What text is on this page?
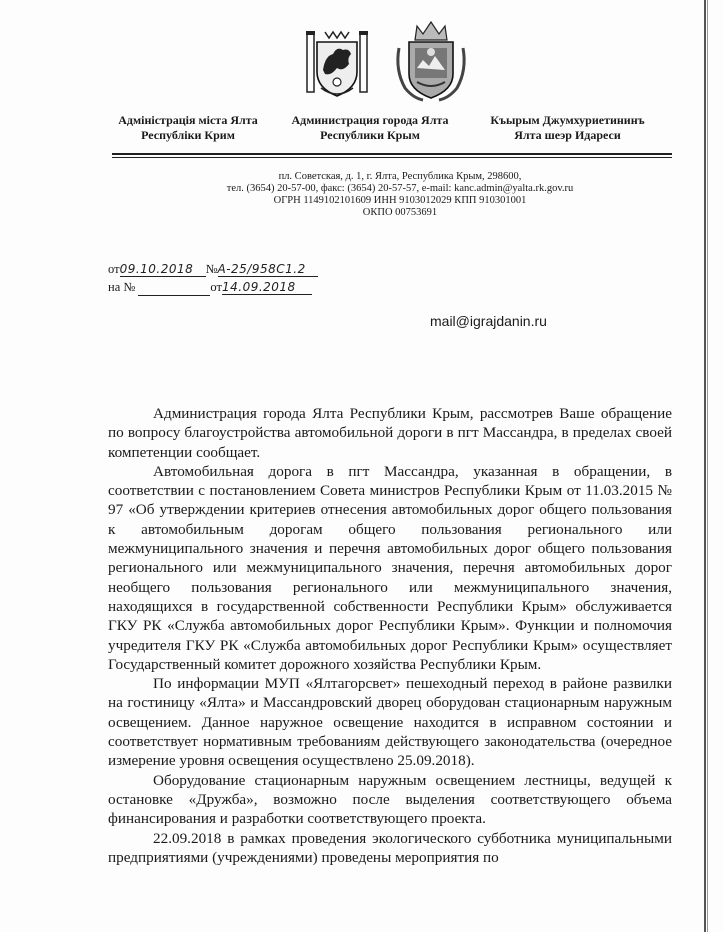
Адміністрація міста Ялта
Республіки Крим
Администрация города Ялта
Республики Крым
Къырым Джумхуриетининъ
Ялта шеэр Идареси
пл. Советская, д. 1, г. Ялта, Республика Крым, 298600,
тел. (3654) 20-57-00, факс: (3654) 20-57-57, e-mail: kanc.admin@yalta.rk.gov.ru
ОГРН 1149102101609 ИНН 9103012029 КПП 910301001
ОКПО 00753691
от09.10.2018 №А-25/958С1.2
на №	от14.09.2018
mail@igrajdanin.ru

Администрация города Ялта Республики Крым, рассмотрев Ваше обращение по вопросу благоустройства автомобильной дороги в пгт Массандра, в пределах своей компетенции сообщает.

Автомобильная дорога в пгт Массандра, указанная в обращении, в соответствии с постановлением Совета министров Республики Крым от 11.03.2015 № 97 «Об утверждении критериев отнесения автомобильных дорог общего пользования к автомобильным дорогам общего пользования регионального или межмуниципального значения и перечня автомобильных дорог общего пользования регионального или межмуниципального значения, перечня автомобильных дорог необщего пользования регионального или межмуниципального значения, находящихся в государственной собственности Республики Крым» обслуживается ГКУ РК «Служба автомобильных дорог Республики Крым». Функции и полномочия учредителя ГКУ РК «Служба автомобильных дорог Республики Крым» осуществляет Государственный комитет дорожного хозяйства Республики Крым.

По информации МУП «Ялтагорсвет» пешеходный переход в районе развилки на гостиницу «Ялта» и Массандровский дворец оборудован стационарным наружным освещением. Данное наружное освещение находится в исправном состоянии и соответствует нормативным требованиям действующего законодательства (очередное измерение уровня освещения осуществлено 25.09.2018).

Оборудование стационарным наружным освещением лестницы, ведущей к остановке «Дружба», возможно после выделения соответствующего объема финансирования и разработки соответствующего проекта.

22.09.2018 в рамках проведения экологического субботника муниципальными предприятиями (учреждениями) проведены мероприятия по
